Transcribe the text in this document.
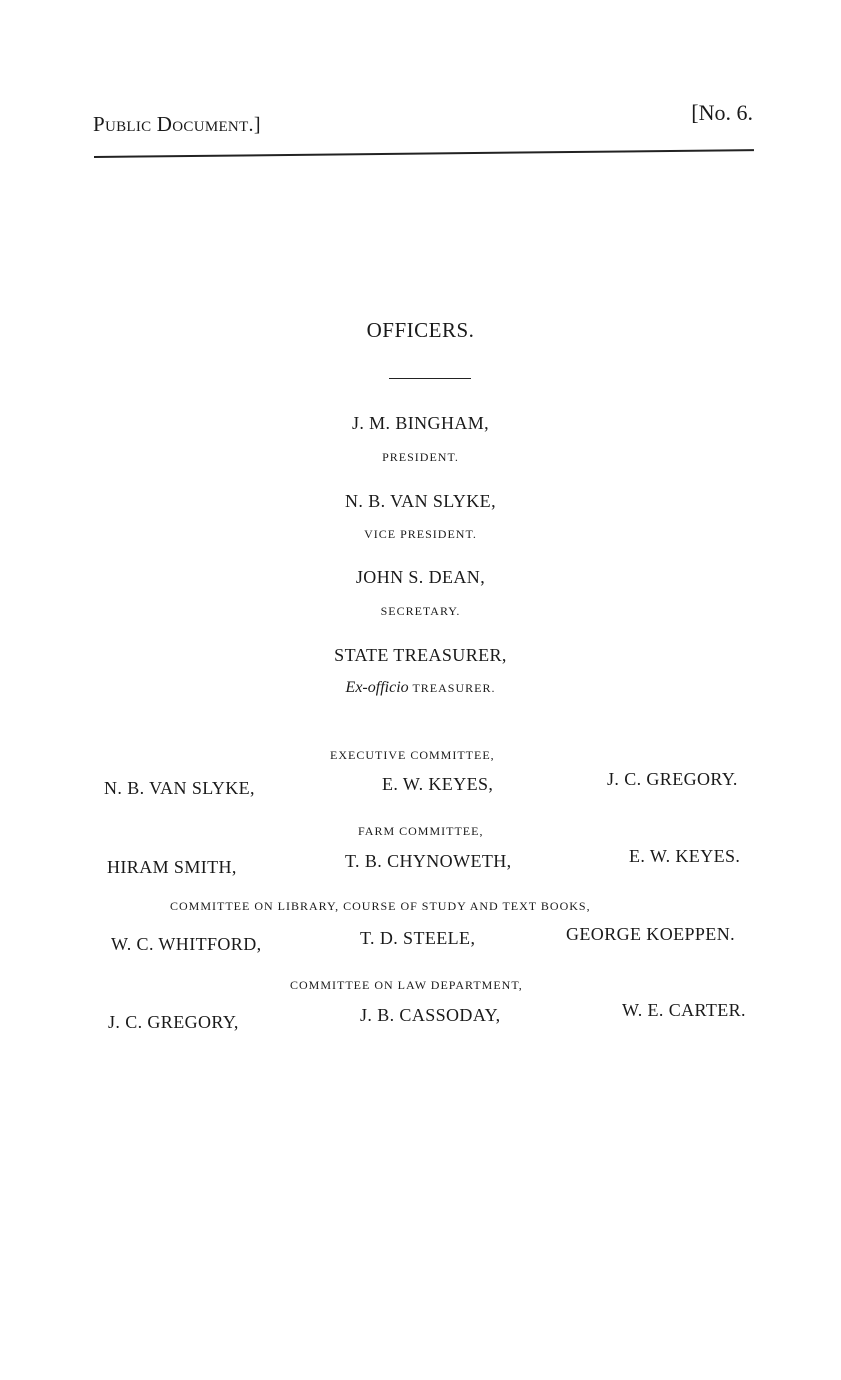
PUBLIC DOCUMENT.]	[No. 6.
OFFICERS.
J. M. BINGHAM,
PRESIDENT.
N. B. VAN SLYKE,
VICE PRESIDENT.
JOHN S. DEAN,
SECRETARY.
STATE TREASURER,
Ex-officio TREASURER.
EXECUTIVE COMMITTEE,
N. B. VAN SLYKE,	E. W. KEYES,	J. C. GREGORY.
FARM COMMITTEE,
HIRAM SMITH,	T. B. CHYNOWETH,	E. W. KEYES.
COMMITTEE ON LIBRARY, COURSE OF STUDY AND TEXT BOOKS,
W. C. WHITFORD,	T. D. STEELE,	GEORGE KOEPPEN.
COMMITTEE ON LAW DEPARTMENT,
J. C. GREGORY,	J. B. CASSODAY,	W. E. CARTER.
